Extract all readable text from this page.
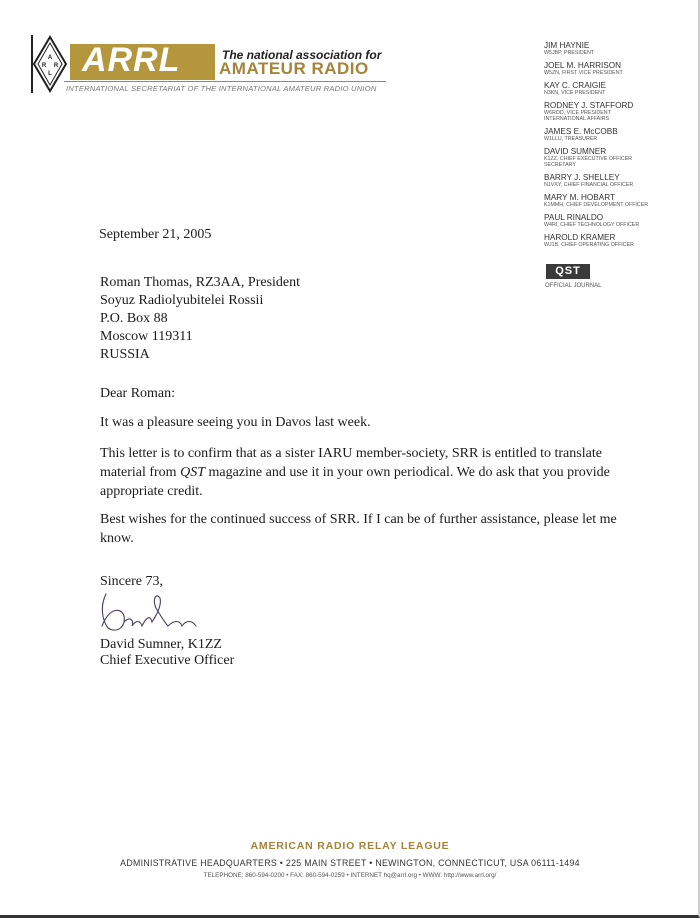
A
R R
L ARRL	The national association for
AMATEUR RADIO
INTERNATIONAL SECRETARIAT OF THE INTERNATIONAL AMATEUR RADIO UNION
JIM HAYNIE
W5JBP, PRESIDENT
JOEL M. HARRISON
W5ZN, FIRST VICE PRESIDENT
KAY C. CRAIGIE
N3KN, VICE PRESIDENT
RODNEY J. STAFFORD
W6ROD, VICE PRESIDENT
INTERNATIONAL AFFAIRS
JAMES E. McCOBB
W1LLU, TREASURER
DAVID SUMNER
K1ZZ, CHIEF EXECUTIVE OFFICER
SECRETARY
BARRY J. SHELLEY
N1VXY, CHIEF FINANCIAL OFFICER
MARY M. HOBART
K1MMH, CHIEF DEVELOPMENT OFFICER
PAUL RINALDO
W4RI, CHIEF TECHNOLOGY OFFICER
HAROLD KRAMER
WJ1B, CHIEF OPERATING OFFICER
QST
OFFICIAL JOURNAL
September 21, 2005
Roman Thomas, RZ3AA, President
Soyuz Radiolyubitelei Rossii
P.O. Box 88
Moscow 119311
RUSSIA
Dear Roman:
It was a pleasure seeing you in Davos last week.
This letter is to confirm that as a sister IARU member-society, SRR is entitled to translate material from QST magazine and use it in your own periodical. We do ask that you provide appropriate credit.
Best wishes for the continued success of SRR. If I can be of further assistance, please let me know.
Sincere 73,
David Sumner, K1ZZ
Chief Executive Officer
AMERICAN RADIO RELAY LEAGUE
ADMINISTRATIVE HEADQUARTERS • 225 MAIN STREET • NEWINGTON, CONNECTICUT, USA 06111-1494
TELEPHONE: 860-594-0200 • FAX: 860-594-0259 • INTERNET hq@arrl.org • WWW: http://www.arrl.org/
